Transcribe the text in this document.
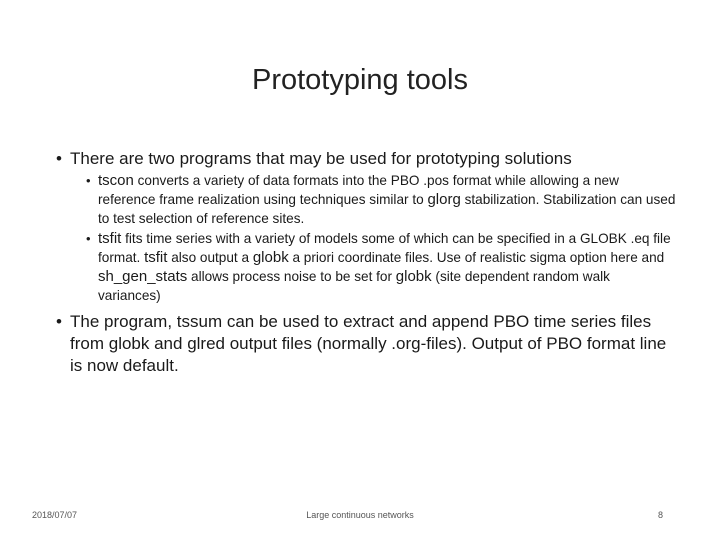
Prototyping tools
• There are two programs that may be used for prototyping solutions
• tscon converts a variety of data formats into the PBO .pos format while allowing a new reference frame realization using techniques similar to glorg stabilization. Stabilization can used to test selection of reference sites.
• tsfit fits time series with a variety of models some of which can be specified in a GLOBK .eq file format. tsfit also output a globk a priori coordinate files. Use of realistic sigma option here and sh_gen_stats allows process noise to be set for globk (site dependent random walk variances)
• The program, tssum can be used to extract and append PBO time series files from globk and glred output files (normally .org-files). Output of PBO format line is now default.
2018/07/07	Large continuous networks	8
